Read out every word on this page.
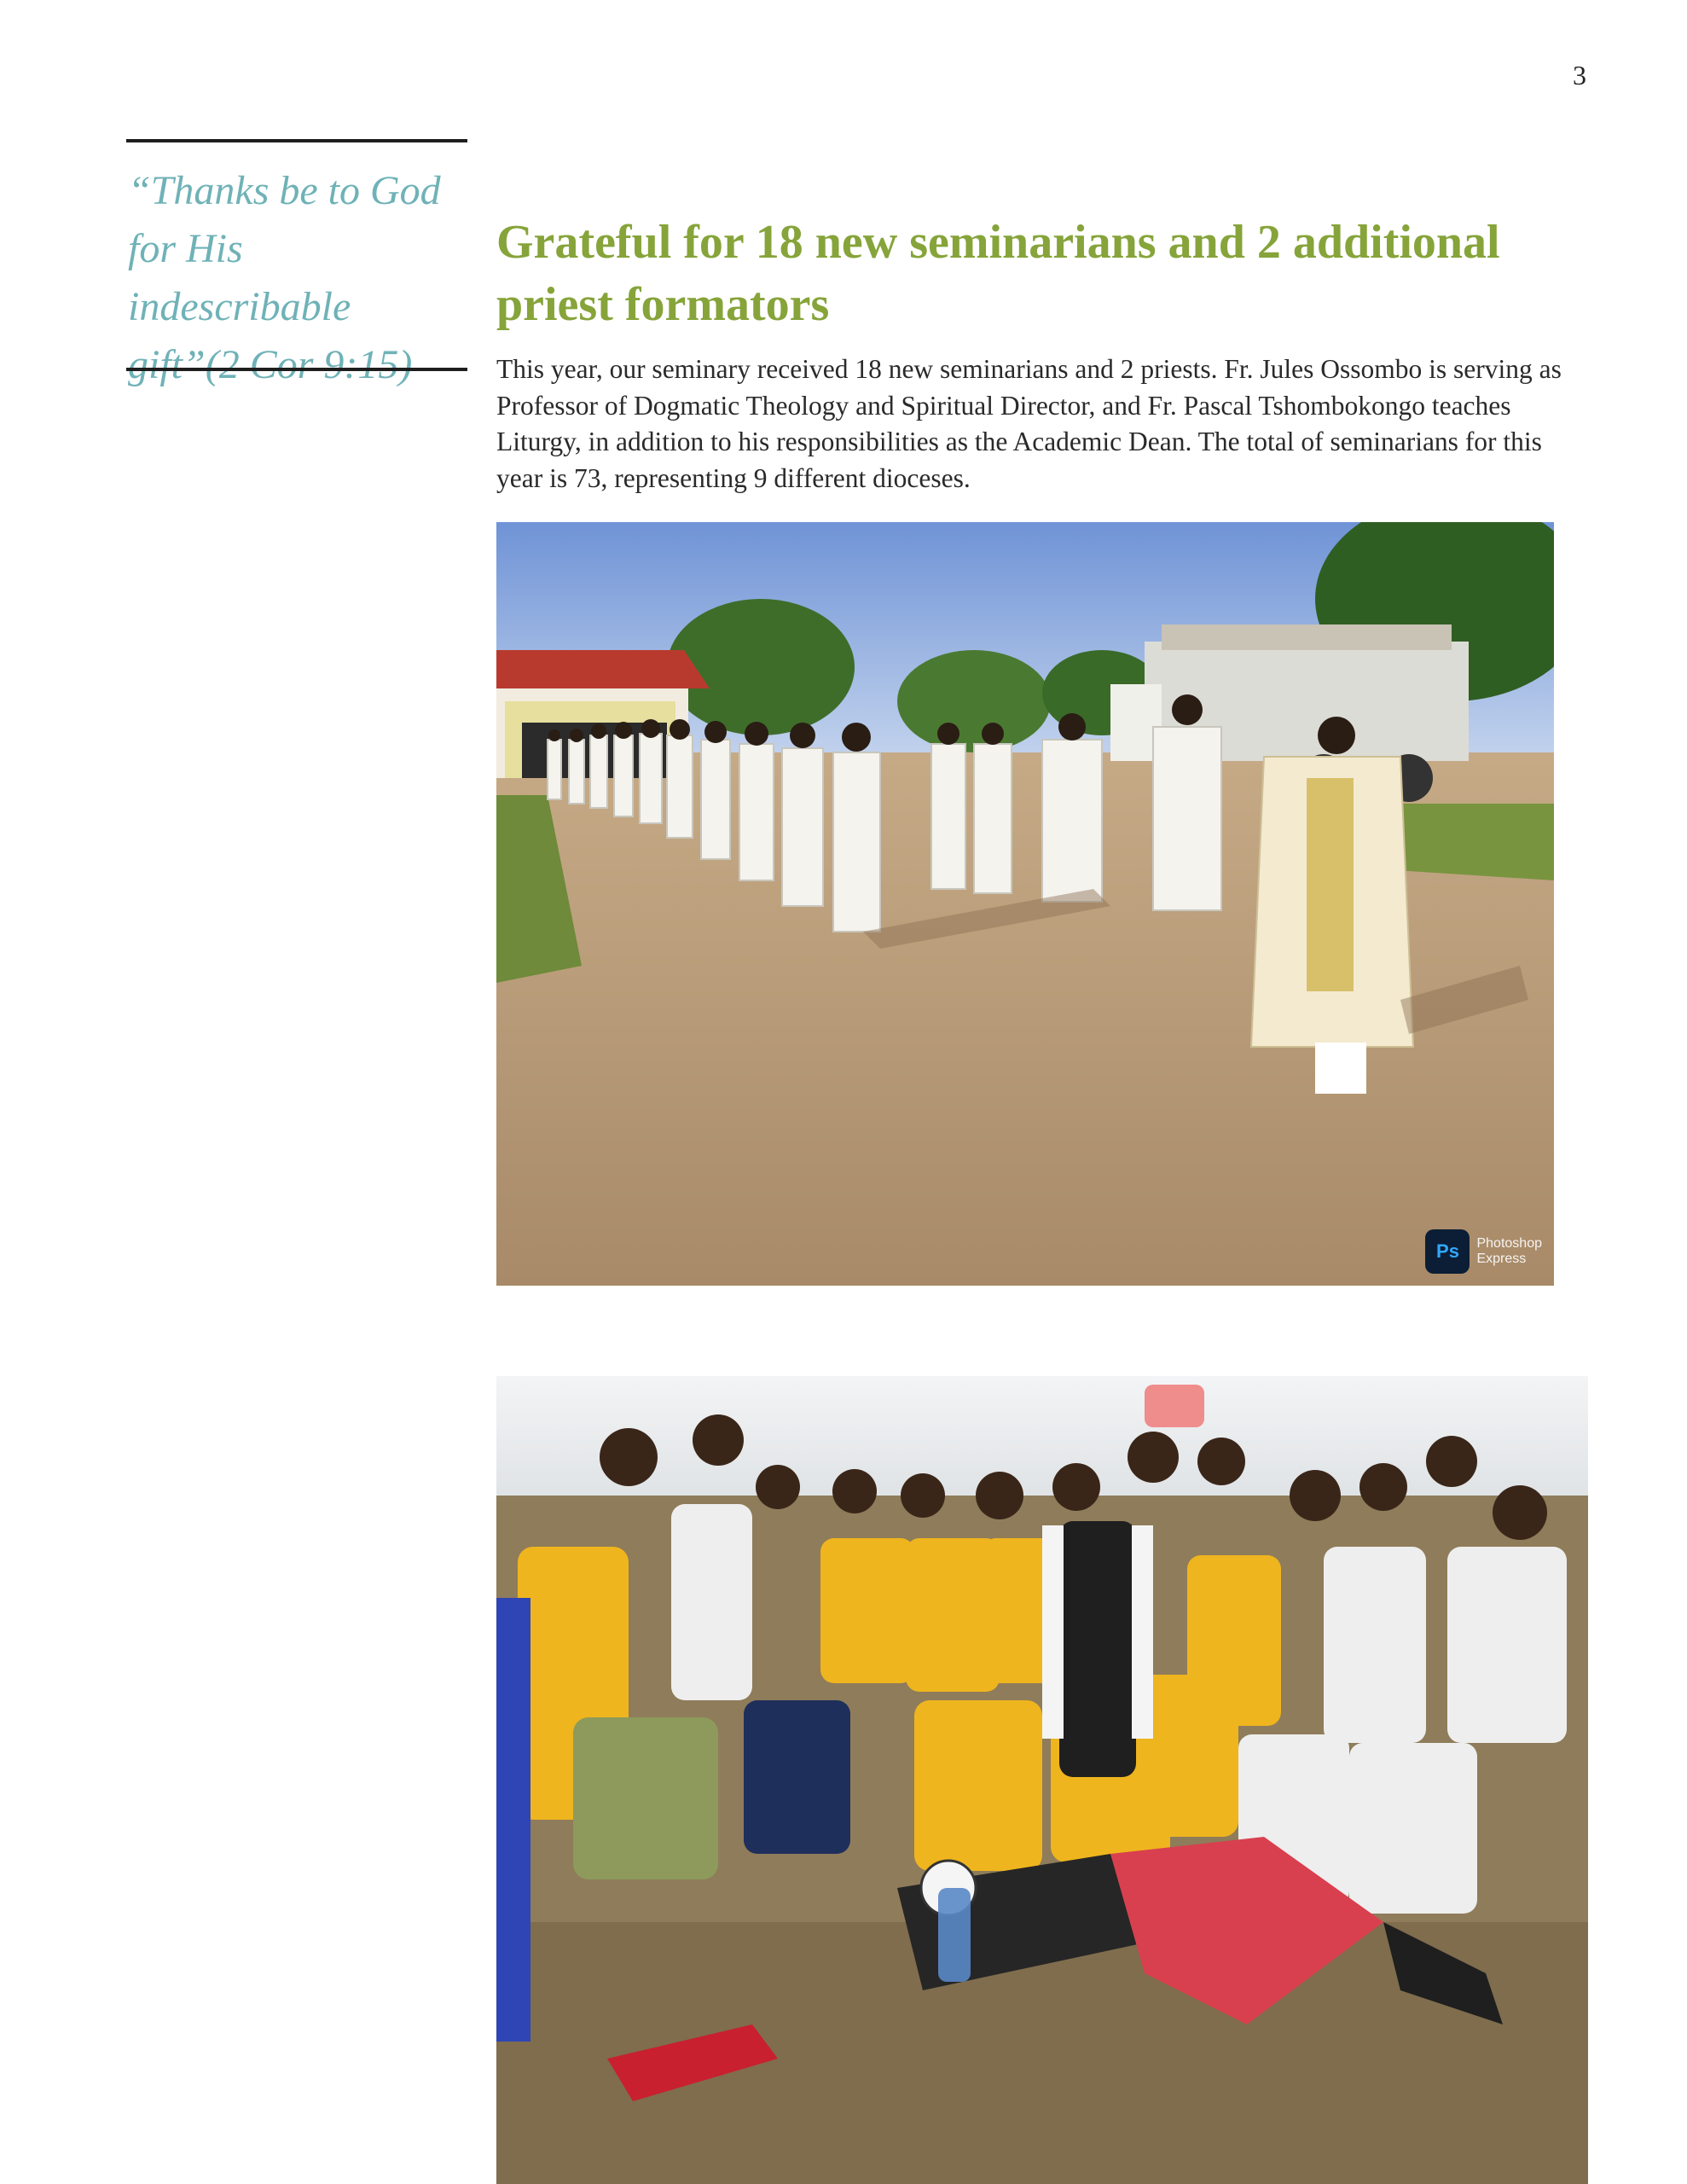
3
“Thanks be to God for His indescribable gift”(2 Cor 9:15)
Grateful for 18 new seminarians and 2 additional priest formators

This year, our seminary received 18 new seminarians and 2 priests. Fr. Jules Ossombo is serving as Professor of Dogmatic Theology and Spiritual Director, and Fr. Pascal Tshombokongo teaches Liturgy, in addition to his responsibilities as the Academic Dean. The total of seminarians for this year is 73, representing 9 different dioceses.

Ps	Photoshop
Express
